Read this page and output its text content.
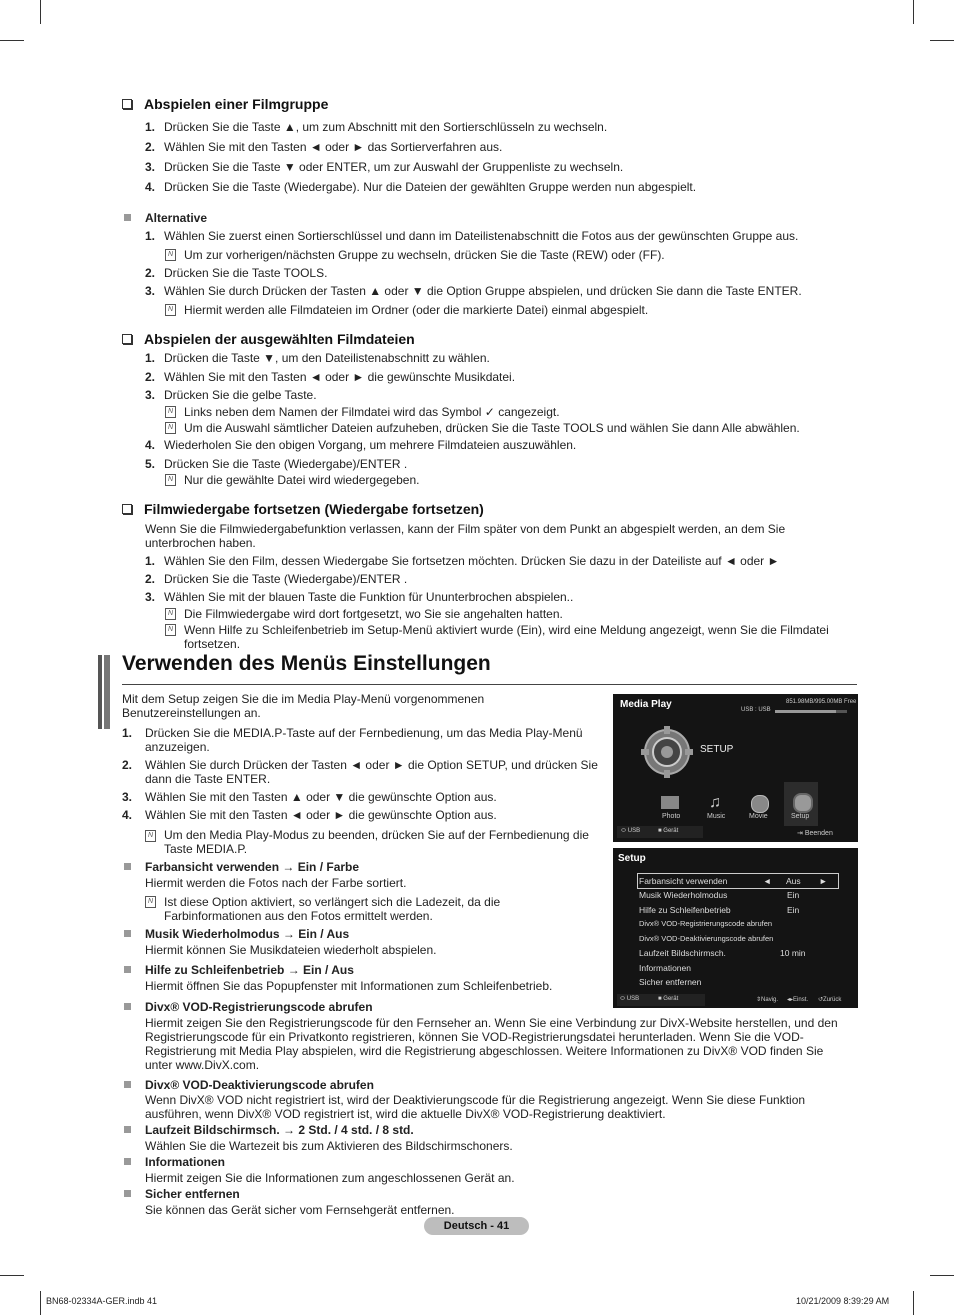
Abspielen einer Filmgruppe
1. Drücken Sie die Taste ▲, um zum Abschnitt mit den Sortierschlüsseln zu wechseln.
2. Wählen Sie mit den Tasten ◄ oder ► das Sortierverfahren aus.
3. Drücken Sie die Taste ▼ oder ENTER, um zur Auswahl der Gruppenliste zu wechseln.
4. Drücken Sie die Taste (Wiedergabe). Nur die Dateien der gewählten Gruppe werden nun abgespielt.
Alternative
1. Wählen Sie zuerst einen Sortierschlüssel und dann im Dateilistenabschnitt die Fotos aus der gewünschten Gruppe aus.
N Um zur vorherigen/nächsten Gruppe zu wechseln, drücken Sie die Taste (REW) oder (FF).
2. Drücken Sie die Taste TOOLS.
3. Wählen Sie durch Drücken der Tasten ▲ oder ▼ die Option Gruppe abspielen, und drücken Sie dann die Taste ENTER.
N Hiermit werden alle Filmdateien im Ordner (oder die markierte Datei) einmal abgespielt.
Abspielen der ausgewählten Filmdateien
1. Drücken die Taste ▼, um den Dateilistenabschnitt zu wählen.
2. Wählen Sie mit den Tasten ◄ oder ► die gewünschte Musikdatei.
3. Drücken Sie die gelbe Taste.
N Links neben dem Namen der Filmdatei wird das Symbol ✓ cangezeigt.
N Um die Auswahl sämtlicher Dateien aufzuheben, drücken Sie die Taste TOOLS und wählen Sie dann Alle abwählen.
4. Wiederholen Sie den obigen Vorgang, um mehrere Filmdateien auszuwählen.
5. Drücken Sie die Taste (Wiedergabe)/ENTER .
N Nur die gewählte Datei wird wiedergegeben.
Filmwiedergabe fortsetzen (Wiedergabe fortsetzen)
Wenn Sie die Filmwiedergabefunktion verlassen, kann der Film später von dem Punkt an abgespielt werden, an dem Sie unterbrochen haben.
1. Wählen Sie den Film, dessen Wiedergabe Sie fortsetzen möchten. Drücken Sie dazu in der Dateiliste auf ◄ oder ►
2. Drücken Sie die Taste (Wiedergabe)/ENTER .
3. Wählen Sie mit der blauen Taste die Funktion für Ununterbrochen abspielen..
N Die Filmwiedergabe wird dort fortgesetzt, wo Sie sie angehalten hatten.
N Wenn Hilfe zu Schleifenbetrieb im Setup-Menü aktiviert wurde (Ein), wird eine Meldung angezeigt, wenn Sie die Filmdatei fortsetzen.
Verwenden des Menüs Einstellungen
Mit dem Setup zeigen Sie die im Media Play-Menü vorgenommenen Benutzereinstellungen an.
1. Drücken Sie die MEDIA.P-Taste auf der Fernbedienung, um das Media Play-Menü anzuzeigen.
2. Wählen Sie durch Drücken der Tasten ◄ oder ► die Option SETUP, und drücken Sie dann die Taste ENTER.
3. Wählen Sie mit den Tasten ▲ oder ▼ die gewünschte Option aus.
4. Wählen Sie mit den Tasten ◄ oder ► die gewünschte Option aus.
N Um den Media Play-Modus zu beenden, drücken Sie auf der Fernbedienung die Taste MEDIA.P.
Farbansicht verwenden → Ein / Farbe
Hiermit werden die Fotos nach der Farbe sortiert.
N Ist diese Option aktiviert, so verlängert sich die Ladezeit, da die Farbinformationen aus den Fotos ermittelt werden.
Musik Wiederholmodus → Ein / Aus
Hiermit können Sie Musikdateien wiederholt abspielen.
Hilfe zu Schleifenbetrieb → Ein / Aus
Hiermit öffnen Sie das Popupfenster mit Informationen zum Schleifenbetrieb.
Divx® VOD-Registrierungscode abrufen
Hiermit zeigen Sie den Registrierungscode für den Fernseher an. Wenn Sie eine Verbindung zur DivX-Website herstellen, und den Registrierungscode für ein Privatkonto registrieren, können Sie VOD-Registrierungsdatei herunterladen. Wenn Sie die VOD-Registrierung mit Media Play abspielen, wird die Registrierung abgeschlossen. Weitere Informationen zu DivX® VOD finden Sie unter www.DivX.com.
Divx® VOD-Deaktivierungscode abrufen
Wenn DivX® VOD nicht registriert ist, wird der Deaktivierungscode für die Registrierung angezeigt. Wenn Sie diese Funktion ausführen, wenn DivX® VOD registriert ist, wird die aktuelle DivX® VOD-Registrierung deaktiviert.
Laufzeit Bildschirmsch. → 2 Std. / 4 std. / 8 std.
Wählen Sie die Wartezeit bis zum Aktivieren des Bildschirmschoners.
Informationen
Hiermit zeigen Sie die Informationen zum angeschlossenen Gerät an.
Sicher entfernen
Sie können das Gerät sicher vom Fernsehgerät entfernen.
Media Play	851.98MB/995.00MB Free
USB : USB
SETUP
Photo	Music	Movie	Setup
♫
⬭ USB	■ Gerät	⇥ Beenden
Setup
Farbansicht verwenden	◄ Aus ►
Musik Wiederholmodus	Ein
Hilfe zu Schleifenbetrieb	Ein
Divx® VOD-Registrierungscode abrufen
Divx® VOD-Deaktivierungscode abrufen
Laufzeit Bildschirmsch.	10 min
Informationen
Sicher entfernen
⬭ USB	■ Gerät	⇕Navig. ◂▸Einst. ↺Zurück
Deutsch - 41
BN68-02334A-GER.indb 41	10/21/2009 8:39:29 AM
